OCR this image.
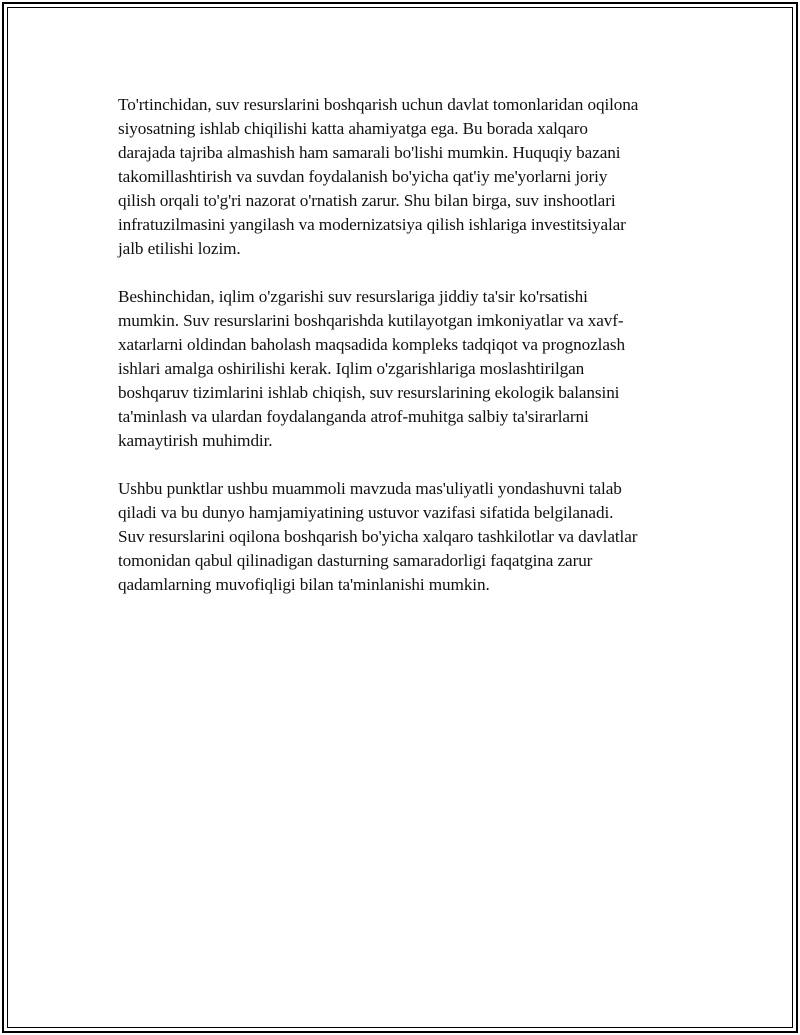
To'rtinchidan, suv resurslarini boshqarish uchun davlat tomonlaridan oqilona
siyosatning ishlab chiqilishi katta ahamiyatga ega. Bu borada xalqaro
darajada tajriba almashish ham samarali bo'lishi mumkin. Huquqiy bazani
takomillashtirish va suvdan foydalanish bo'yicha qat'iy me'yorlarni joriy
qilish orqali to'g'ri nazorat o'rnatish zarur. Shu bilan birga, suv inshootlari
infratuzilmasini yangilash va modernizatsiya qilish ishlariga investitsiyalar
jalb etilishi lozim.

Beshinchidan, iqlim o'zgarishi suv resurslariga jiddiy ta'sir ko'rsatishi
mumkin. Suv resurslarini boshqarishda kutilayotgan imkoniyatlar va xavf-
xatarlarni oldindan baholash maqsadida kompleks tadqiqot va prognozlash
ishlari amalga oshirilishi kerak. Iqlim o'zgarishlariga moslashtirilgan
boshqaruv tizimlarini ishlab chiqish, suv resurslarining ekologik balansini
ta'minlash va ulardan foydalanganda atrof-muhitga salbiy ta'sirarlarni
kamaytirish muhimdir.

Ushbu punktlar ushbu muammoli mavzuda mas'uliyatli yondashuvni talab
qiladi va bu dunyo hamjamiyatining ustuvor vazifasi sifatida belgilanadi.
Suv resurslarini oqilona boshqarish bo'yicha xalqaro tashkilotlar va davlatlar
tomonidan qabul qilinadigan dasturning samaradorligi faqatgina zarur
qadamlarning muvofiqligi bilan ta'minlanishi mumkin.
